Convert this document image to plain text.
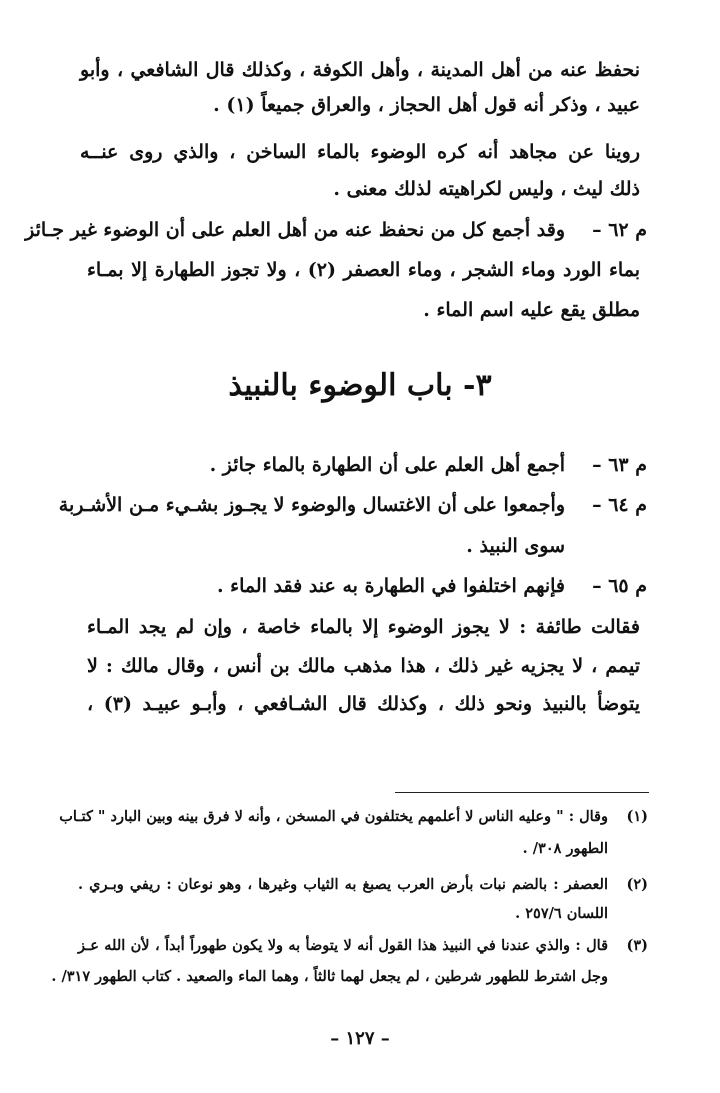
نحفظ عنه من أهل المدينة ، وأهل الكوفة ، وكذلك قال الشافعي ، وأبو
عبيد ، وذكر أنه قول أهل الحجاز ، والعراق جميعاً (١) .
روينا عن مجاهد أنه كره الوضوء بالماء الساخن ، والذي روى عنــه
ذلك ليث ، وليس لكراهيته لذلك معنى .
م ٦٢ –
وقد أجمع كل من نحفظ عنه من أهل العلم على أن الوضوء غير جـائز
بماء الورد وماء الشجر ، وماء العصفر (٢) ، ولا تجوز الطهارة إلا بمـاء
مطلق يقع عليه اسم الماء .
٣- باب الوضوء بالنبيذ
م ٦٣ –
أجمع أهل العلم على أن الطهارة بالماء جائز .
م ٦٤ –
وأجمعوا على أن الاغتسال والوضوء لا يجـوز بشـيء مـن الأشـربة
سوى النبيذ .
م ٦٥ –
فإنهم اختلفوا في الطهارة به عند فقد الماء .
فقالت طائفة : لا يجوز الوضوء إلا بالماء خاصة ، وإن لم يجد المـاء
تيمم ، لا يجزيه غير ذلك ، هذا مذهب مالك بن أنس ، وقال مالك : لا
يتوضأ بالنبيذ ونحو ذلك ، وكذلك قال الشـافعي ، وأبـو عبيـد (٣) ،
(١)
وقال : " وعليه الناس لا أعلمهم يختلفون في المسخن ، وأنه لا فرق بينه وبين البارد " كتـاب
الطهور ٣٠٨/ .
(٢)
العصفر : بالضم نبات بأرض العرب يصبغ به الثياب وغيرها ، وهو نوعان : ريفي وبـري .
اللسان ٢٥٧/٦ .
(٣)
قال : والذي عندنا في النبيذ هذا القول أنه لا يتوضأ به ولا يكون طهوراً أبداً ، لأن الله عـز
وجل اشترط للطهور شرطين ، لم يجعل لهما ثالثاً ، وهما الماء والصعيد . كتاب الطهور ٣١٧/ .
– ١٢٧ –
